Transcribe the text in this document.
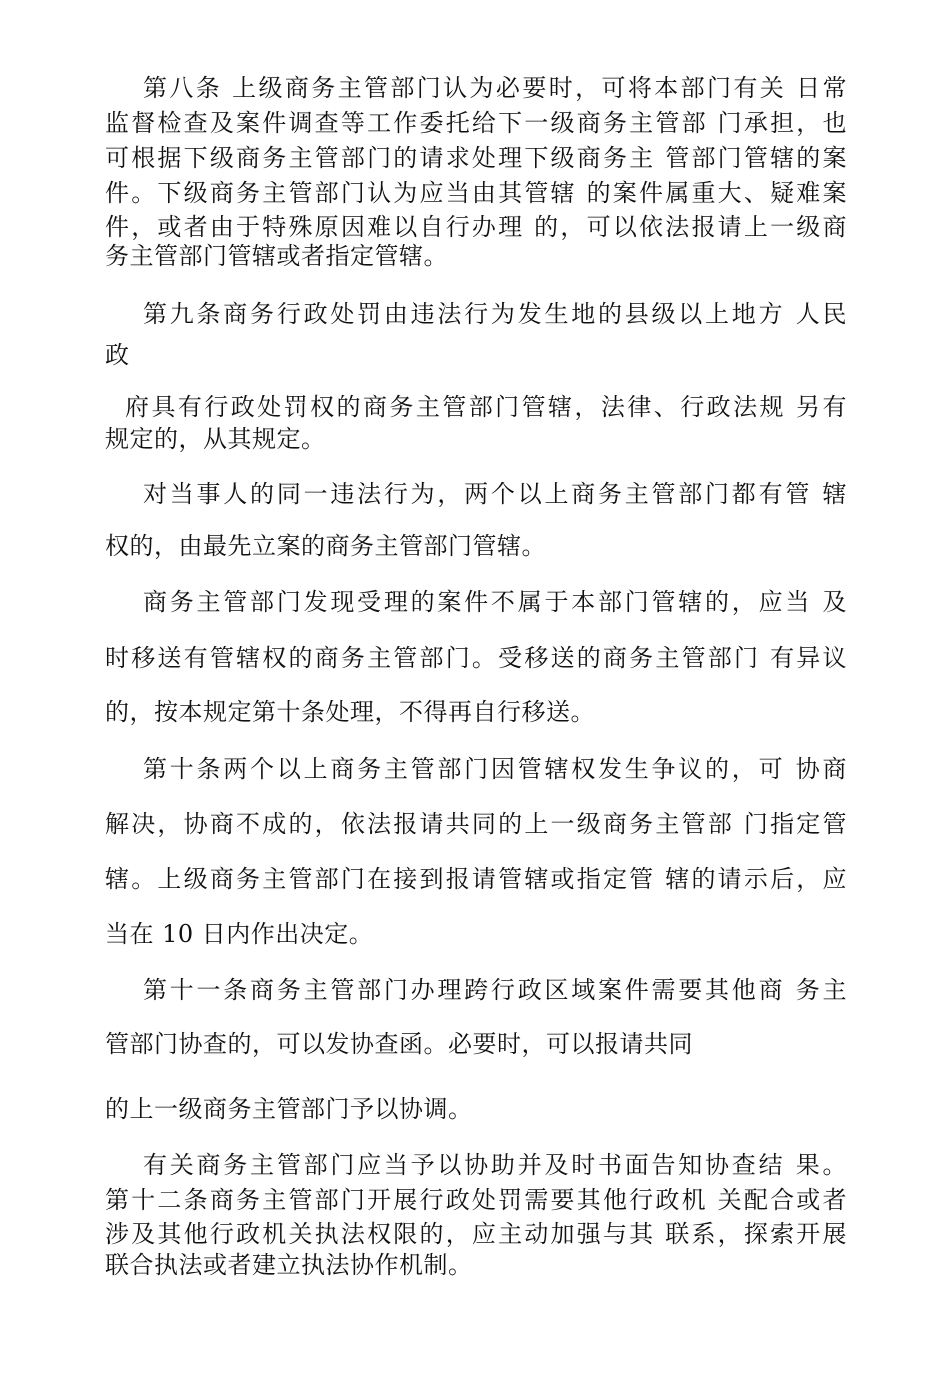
第八条 上级商务主管部门认为必要时，可将本部门有关 日常
监督检查及案件调查等工作委托给下一级商务主管部 门承担，也
可根据下级商务主管部门的请求处理下级商务主 管部门管辖的案
件。下级商务主管部门认为应当由其管辖 的案件属重大、疑难案
件，或者由于特殊原因难以自行办理 的，可以依法报请上一级商
务主管部门管辖或者指定管辖。
第九条商务行政处罚由违法行为发生地的县级以上地方 人民
政
府具有行政处罚权的商务主管部门管辖，法律、行政法规 另有
规定的，从其规定。
对当事人的同一违法行为，两个以上商务主管部门都有管 辖
权的，由最先立案的商务主管部门管辖。
商务主管部门发现受理的案件不属于本部门管辖的，应当 及
时移送有管辖权的商务主管部门。受移送的商务主管部门 有异议
的，按本规定第十条处理，不得再自行移送。
第十条两个以上商务主管部门因管辖权发生争议的，可 协商
解决，协商不成的，依法报请共同的上一级商务主管部 门指定管
辖。上级商务主管部门在接到报请管辖或指定管 辖的请示后，应
当在 10 日内作出决定。
第十一条商务主管部门办理跨行政区域案件需要其他商 务主
管部门协查的，可以发协查函。必要时，可以报请共同
的上一级商务主管部门予以协调。
有关商务主管部门应当予以协助并及时书面告知协查结 果。
第十二条商务主管部门开展行政处罚需要其他行政机 关配合或者
涉及其他行政机关执法权限的，应主动加强与其 联系，探索开展
联合执法或者建立执法协作机制。
